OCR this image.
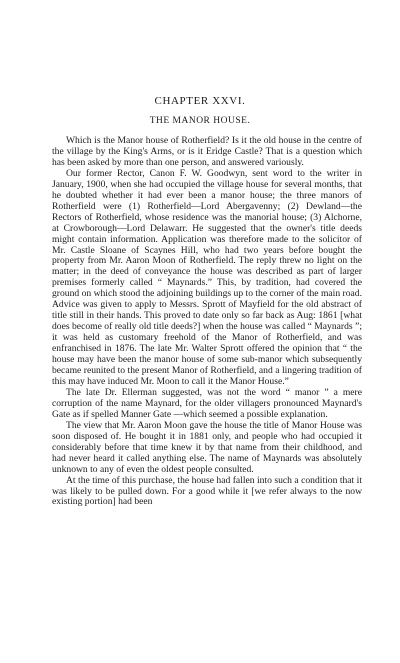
CHAPTER XXVI.
THE MANOR HOUSE.

Which is the Manor house of Rotherfield? Is it the old house in the centre of the village by the King's Arms, or is it Eridge Castle? That is a question which has been asked by more than one person, and answered variously.

Our former Rector, Canon F. W. Goodwyn, sent word to the writer in January, 1900, when she had occupied the village house for several months, that he doubted whether it had ever been a manor house; the three manors of Rotherfield were (1) Rotherfield—Lord Abergavenny; (2) Dewland—the Rectors of Rotherfield, whose residence was the manorial house; (3) Alchorne, at Crowborough—Lord Delawarr. He suggested that the owner's title deeds might contain information. Application was therefore made to the solicitor of Mr. Castle Sloane of Scaynes Hill, who had two years before bought the property from Mr. Aaron Moon of Rotherfield. The reply threw no light on the matter; in the deed of conveyance the house was described as part of larger premises formerly called “ Maynards.” This, by tradition, had covered the ground on which stood the adjoining buildings up to the corner of the main road. Advice was given to apply to Messrs. Sprott of Mayfield for the old abstract of title still in their hands. This proved to date only so far back as Aug: 1861 [what does become of really old title deeds?] when the house was called “ Maynards ”; it was held as customary freehold of the Manor of Rotherfield, and was enfranchised in 1876. The late Mr. Walter Sprott offered the opinion that “ the house may have been the manor house of some sub-manor which subsequently became reunited to the present Manor of Rotherfield, and a lingering tradition of this may have induced Mr. Moon to call it the Manor House.”

The late Dr. Ellerman suggested, was not the word “ manor ” a mere corruption of the name Maynard, for the older villagers pronounced Maynard's Gate as if spelled Manner Gate —which seemed a possible explanation.

The view that Mr. Aaron Moon gave the house the title of Manor House was soon disposed of. He bought it in 1881 only, and people who had occupied it considerably before that time knew it by that name from their childhood, and had never heard it called anything else. The name of Maynards was absolutely unknown to any of even the oldest people consulted.

At the time of this purchase, the house had fallen into such a condition that it was likely to be pulled down. For a good while it [we refer always to the now existing portion] had been
